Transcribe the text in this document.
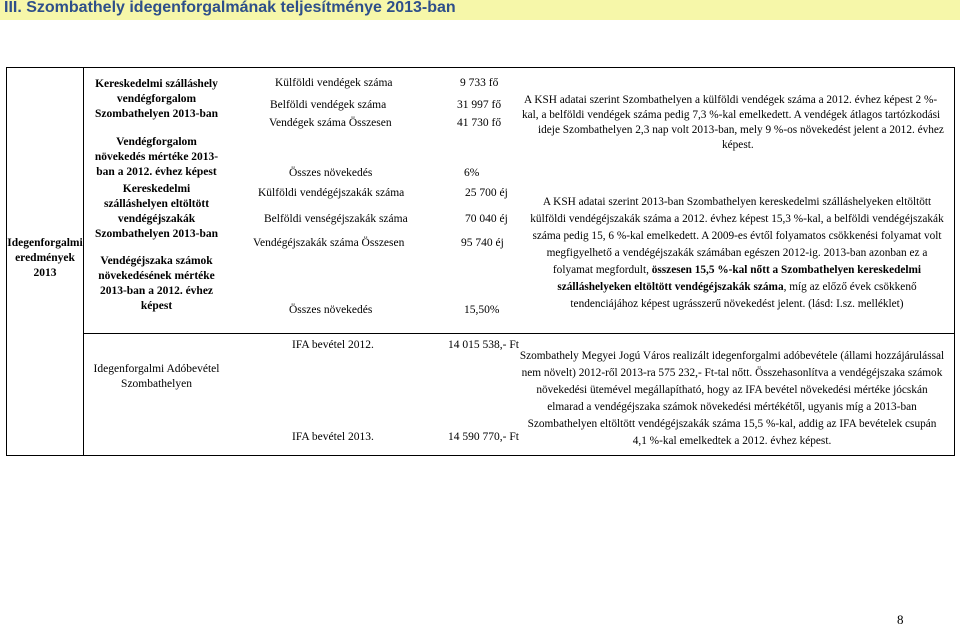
III. Szombathely idegenforgalmának teljesítménye 2013-ban
Idegenforgalmi
eredmények
2013
Kereskedelmi szálláshely
vendégforgalom
Szombathelyen 2013-ban
Vendégforgalom
növekedés mértéke 2013-
ban a 2012. évhez képest
Külföldi vendégek száma	9 733 fő
Belföldi vendégek száma	31 997 fő
Vendégek száma Összesen	41 730 fő
Összes növekedés	6%
A KSH adatai szerint Szombathelyen a külföldi vendégek száma a 2012. évhez képest 2 %-
kal, a belföldi vendégek száma pedig 7,3 %-kal emelkedett. A vendégek átlagos tartózkodási
ideje Szombathelyen 2,3 nap volt 2013-ban, mely 9 %-os növekedést jelent a 2012. évhez
képest.
Kereskedelmi
szálláshelyen eltöltött
vendégéjszakák
Szombathelyen 2013-ban
Vendégéjszaka számok
növekedésének mértéke
2013-ban a 2012. évhez
képest
Külföldi vendégéjszakák száma	25 700 éj
Belföldi venségéjszakák száma	70 040 éj
Vendégéjszakák száma Összesen	95 740 éj
Összes növekedés	15,50%
A KSH adatai szerint 2013-ban Szombathelyen kereskedelmi szálláshelyeken eltöltött
külföldi vendégéjszakák száma a 2012. évhez képest 15,3 %-kal, a belföldi vendégéjszakák
száma pedig 15, 6 %-kal emelkedett. A 2009-es évtől folyamatos csökkenési folyamat volt
megfigyelhető a vendégéjszakák számában egészen 2012-ig. 2013-ban azonban ez a
folyamat megfordult, összesen 15,5 %-kal nőtt a Szombathelyen kereskedelmi
szálláshelyeken eltöltött vendégéjszakák száma, míg az előző évek csökkenő
tendenciájához képest ugrásszerű növekedést jelent. (lásd: I.sz. melléklet)
Idegenforgalmi Adóbevétel
Szombathelyen
IFA bevétel 2012.	14 015 538,- Ft
IFA bevétel 2013.	14 590 770,- Ft
Szombathely Megyei Jogú Város realizált idegenforgalmi adóbevétele (állami hozzájárulással
nem növelt) 2012-ről 2013-ra 575 232,- Ft-tal nőtt. Összehasonlítva a vendégéjszaka számok
növekedési ütemével megállapítható, hogy az IFA bevétel növekedési mértéke jócskán
elmarad a vendégéjszaka számok növekedési mértékétől, ugyanis míg a 2013-ban
Szombathelyen eltöltött vendégéjszakák száma 15,5 %-kal, addig az IFA bevételek csupán
4,1 %-kal emelkedtek a 2012. évhez képest.
8
